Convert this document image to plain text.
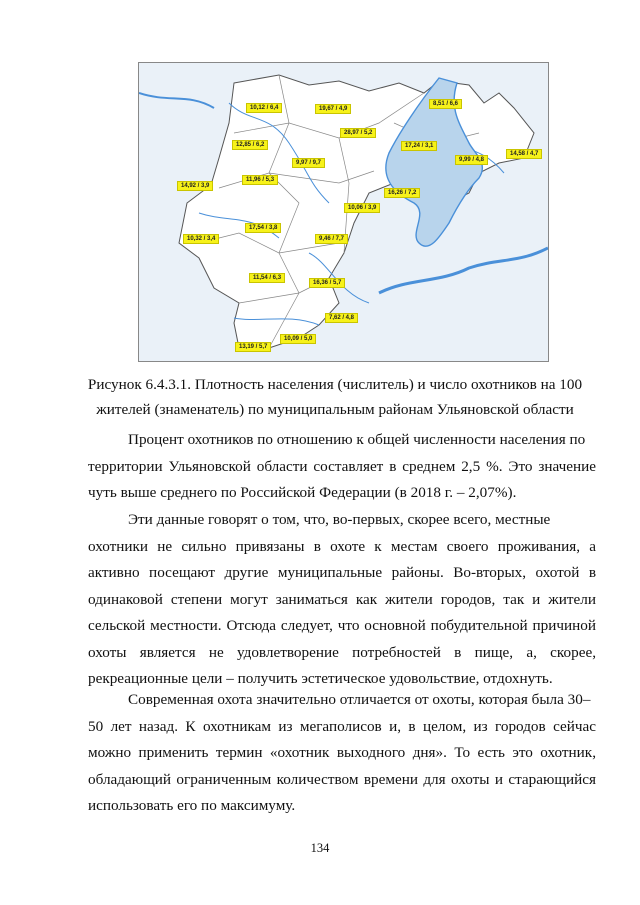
10,12 / 6,4	19,67 / 4,9
8,51 / 6,6
28,97 / 5,2
12,85 / 6,2	17,24 / 3,1
14,58 / 4,7
9,97 / 9,7	9,99 / 4,8
11,96 / 5,3
14,92 / 3,9
16,26 / 7,2
10,06 / 3,9
17,54 / 3,8
10,32 / 3,4	9,46 / 7,7
11,54 / 6,3
16,36 / 5,7
7,62 / 4,8
10,09 / 5,0
13,19 / 5,7
Рисунок 6.4.3.1. Плотность населения (числитель) и число охотников на 100
жителей (знаменатель) по муниципальным районам Ульяновской области

Процент охотников по отношению к общей численности населения по
территории Ульяновской области составляет в среднем 2,5 %. Это значение чуть выше среднего по Российской Федерации (в 2018 г. – 2,07%).

Эти данные говорят о том, что, во-первых, скорее всего, местные
охотники не сильно привязаны в охоте к местам своего проживания, а активно посещают другие муниципальные районы. Во-вторых, охотой в одинаковой степени могут заниматься как жители городов, так и жители сельской местности. Отсюда следует, что основной побудительной причиной охоты является не удовлетворение потребностей в пище, а, скорее, рекреационные цели – получить эстетическое удовольствие, отдохнуть.

Современная охота значительно отличается от охоты, которая была 30–
50 лет назад. К охотникам из мегаполисов и, в целом, из городов сейчас можно применить термин «охотник выходного дня». То есть это охотник, обладающий ограниченным количеством времени для охоты и старающийся использовать его по максимуму.

134
